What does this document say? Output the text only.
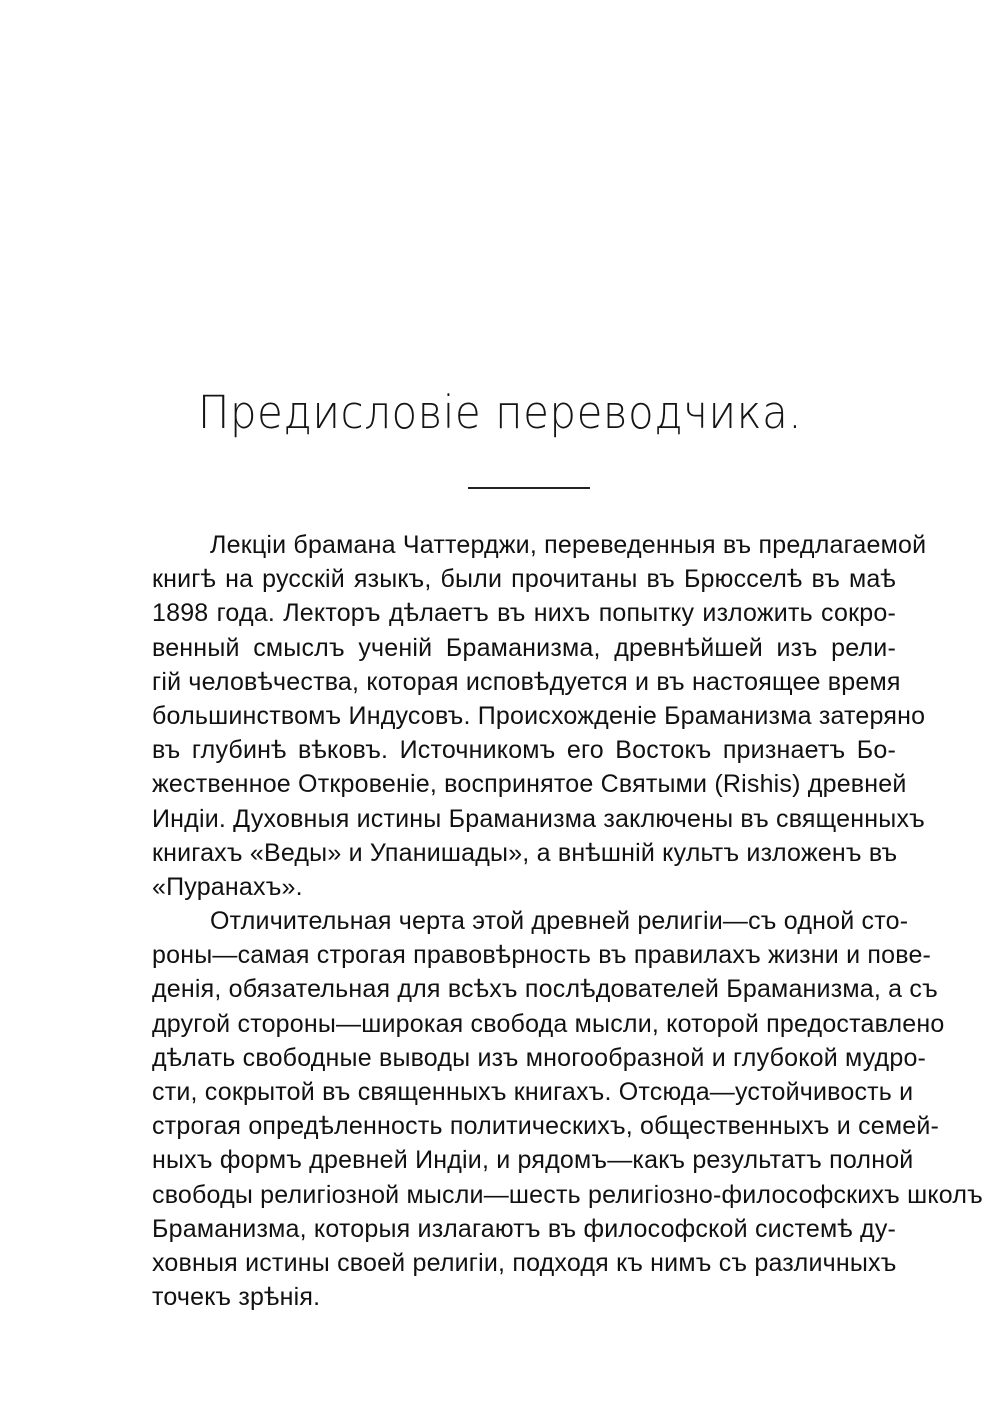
Предисловіе переводчика.
Лекціи брамана Чаттерджи, переведенныя въ предлагаемой
книгѣ на русскій языкъ, были прочитаны въ Брюсселѣ въ маѣ
1898 года. Лекторъ дѣлаетъ въ нихъ попытку изложить сокро-
венный смыслъ ученій Браманизма, древнѣйшей изъ рели-
гій человѣчества, которая исповѣдуется и въ настоящее время
большинствомъ Индусовъ. Происхожденіе Браманизма затеряно
въ глубинѣ вѣковъ. Источникомъ его Востокъ признаетъ Бо-
жественное Откровеніе, воспринятое Святыми (Rishis) древней
Индіи. Духовныя истины Браманизма заключены въ священныхъ
книгахъ «Веды» и Упанишады», а внѣшній культъ изложенъ въ
«Пуранахъ».
Отличительная черта этой древней религіи—съ одной сто-
роны—самая строгая правовѣрность въ правилахъ жизни и пове-
денія, обязательная для всѣхъ послѣдователей Браманизма, а съ
другой стороны—широкая свобода мысли, которой предоставлено
дѣлать свободные выводы изъ многообразной и глубокой мудро-
сти, сокрытой въ священныхъ книгахъ. Отсюда—устойчивость и
строгая опредѣленность политическихъ, общественныхъ и семей-
ныхъ формъ древней Индіи, и рядомъ—какъ результатъ полной
свободы религіозной мысли—шесть религіозно-философскихъ школъ
Браманизма, которыя излагаютъ въ философской системѣ ду-
ховныя истины своей религіи, подходя къ нимъ съ различныхъ
точекъ зрѣнія.
